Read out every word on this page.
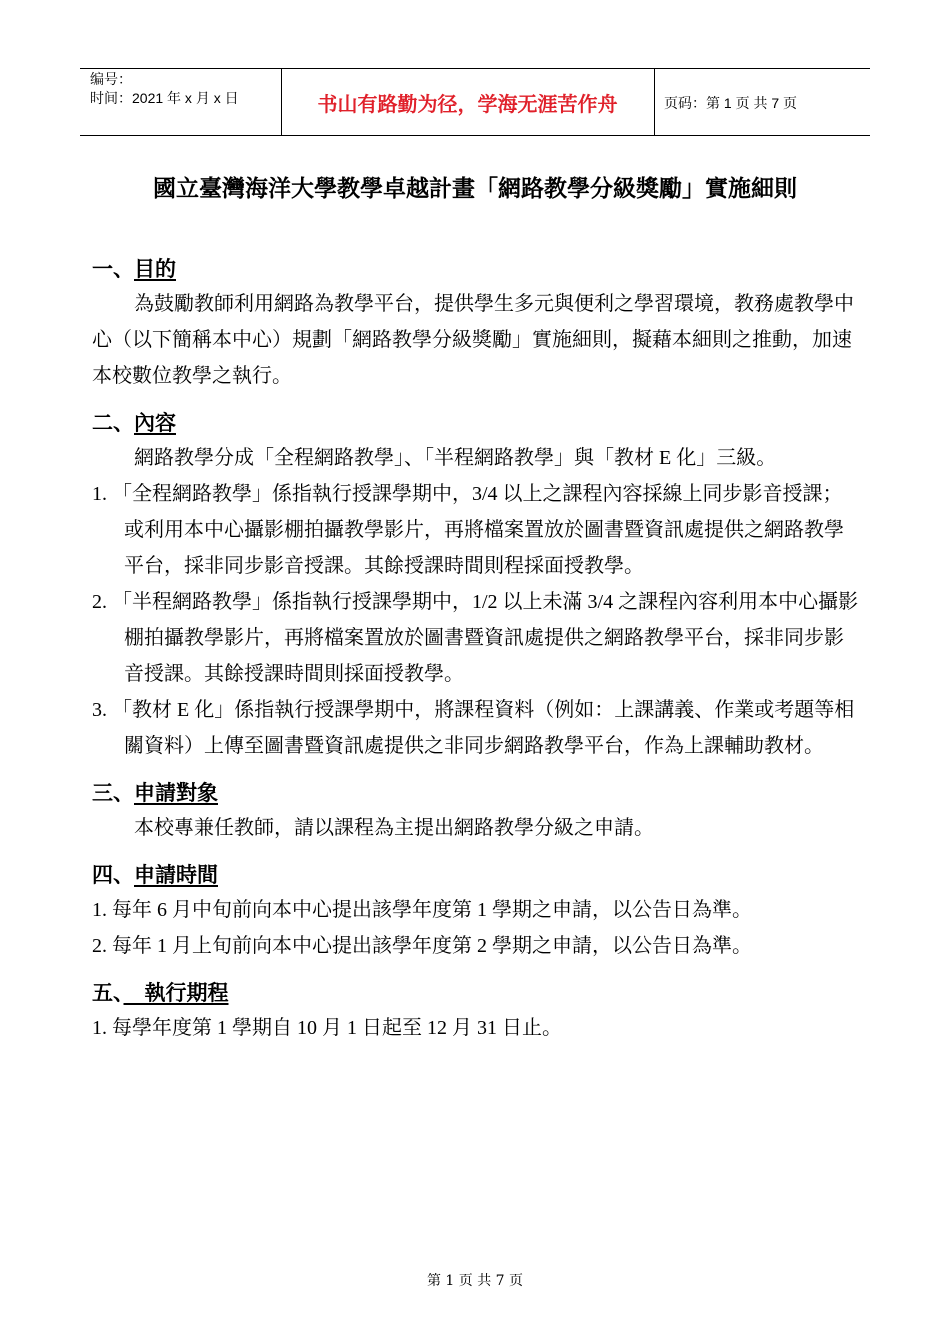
编号：
时间：2021 年 x 月 x 日	书山有路勤为径，学海无涯苦作舟	页码：第 1 页 共 7 页
國立臺灣海洋大學教學卓越計畫「網路教學分級獎勵」實施細則
一、目的

為鼓勵教師利用網路為教學平台，提供學生多元與便利之學習環境，教務處教學中心（以下簡稱本中心）規劃「網路教學分級獎勵」實施細則，擬藉本細則之推動，加速本校數位教學之執行。

二、內容

網路教學分成「全程網路教學」、「半程網路教學」與「教材 E 化」三級。

1. 「全程網路教學」係指執行授課學期中，3/4 以上之課程內容採線上同步影音授課；或利用本中心攝影棚拍攝教學影片，再將檔案置放於圖書暨資訊處提供之網路教學平台，採非同步影音授課。其餘授課時間則程採面授教學。

2. 「半程網路教學」係指執行授課學期中，1/2 以上未滿 3/4 之課程內容利用本中心攝影棚拍攝教學影片，再將檔案置放於圖書暨資訊處提供之網路教學平台，採非同步影音授課。其餘授課時間則採面授教學。

3. 「教材 E 化」係指執行授課學期中，將課程資料（例如：上課講義、作業或考題等相關資料）上傳至圖書暨資訊處提供之非同步網路教學平台，作為上課輔助教材。

三、申請對象

本校專兼任教師，請以課程為主提出網路教學分級之申請。

四、申請時間

1. 每年 6 月中旬前向本中心提出該學年度第 1 學期之申請，以公告日為準。

2. 每年 1 月上旬前向本中心提出該學年度第 2 學期之申請，以公告日為準。

五、　執行期程

1. 每學年度第 1 學期自 10 月 1 日起至 12 月 31 日止。

第 1 页 共 7 页
